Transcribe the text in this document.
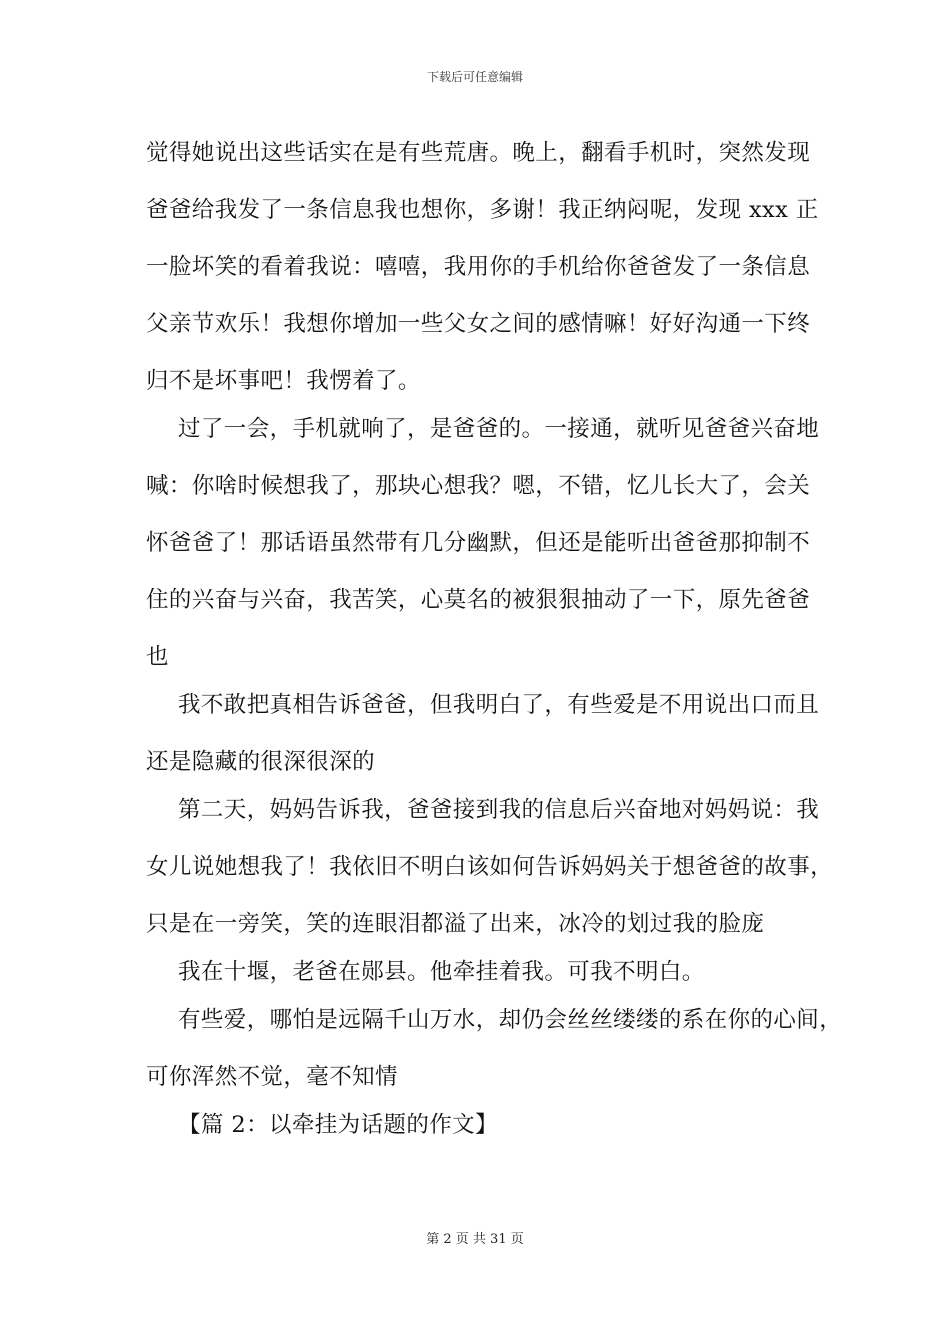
下载后可任意编辑
觉得她说出这些话实在是有些荒唐。晚上，翻看手机时，突然发现
爸爸给我发了一条信息我也想你，多谢！我正纳闷呢，发现 xxx 正
一脸坏笑的看着我说：嘻嘻，我用你的手机给你爸爸发了一条信息
父亲节欢乐！我想你增加一些父女之间的感情嘛！好好沟通一下终
归不是坏事吧！我愣着了。
过了一会，手机就响了，是爸爸的。一接通，就听见爸爸兴奋地
喊：你啥时候想我了，那块心想我？嗯，不错，忆儿长大了，会关
怀爸爸了！那话语虽然带有几分幽默，但还是能听出爸爸那抑制不
住的兴奋与兴奋，我苦笑，心莫名的被狠狠抽动了一下，原先爸爸
也
我不敢把真相告诉爸爸，但我明白了，有些爱是不用说出口而且
还是隐藏的很深很深的
第二天，妈妈告诉我，爸爸接到我的信息后兴奋地对妈妈说：我
女儿说她想我了！我依旧不明白该如何告诉妈妈关于想爸爸的故事，
只是在一旁笑，笑的连眼泪都溢了出来，冰冷的划过我的脸庞
我在十堰，老爸在郧县。他牵挂着我。可我不明白。
有些爱，哪怕是远隔千山万水，却仍会丝丝缕缕的系在你的心间，
可你浑然不觉，毫不知情
【篇 2：以牵挂为话题的作文】
第 2 页 共 31 页
